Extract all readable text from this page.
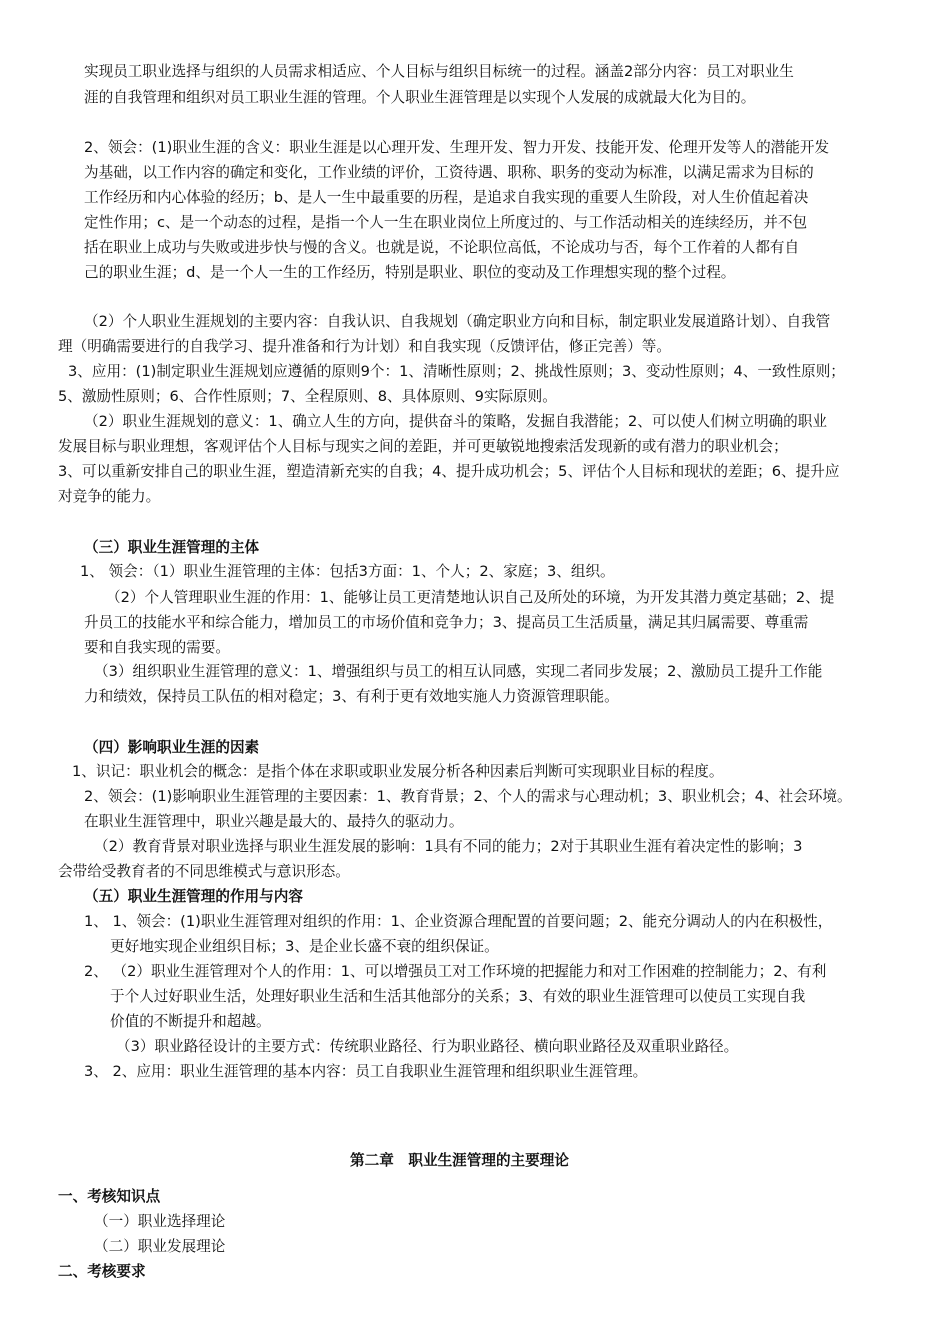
实现员工职业选择与组织的人员需求相适应、个人目标与组织目标统一的过程。涵盖2部分内容：员工对职业生
涯的自我管理和组织对员工职业生涯的管理。个人职业生涯管理是以实现个人发展的成就最大化为目的。
2、领会：(1)职业生涯的含义：职业生涯是以心理开发、生理开发、智力开发、技能开发、伦理开发等人的潜能开发
为基础，以工作内容的确定和变化，工作业绩的评价，工资待遇、职称、职务的变动为标准，以满足需求为目标的
工作经历和内心体验的经历；b、是人一生中最重要的历程，是追求自我实现的重要人生阶段，对人生价值起着决
定性作用；c、是一个动态的过程，是指一个人一生在职业岗位上所度过的、与工作活动相关的连续经历，并不包
括在职业上成功与失败或进步快与慢的含义。也就是说，不论职位高低，不论成功与否，每个工作着的人都有自
己的职业生涯；d、是一个人一生的工作经历，特别是职业、职位的变动及工作理想实现的整个过程。
（2）个人职业生涯规划的主要内容：自我认识、自我规划（确定职业方向和目标，制定职业发展道路计划）、自我管
理（明确需要进行的自我学习、提升准备和行为计划）和自我实现（反馈评估，修正完善）等。
3、应用：(1)制定职业生涯规划应遵循的原则9个：1、清晰性原则；2、挑战性原则；3、变动性原则；4、一致性原则；
5、激励性原则；6、合作性原则；7、全程原则、8、具体原则、9实际原则。
（2）职业生涯规划的意义：1、确立人生的方向，提供奋斗的策略，发掘自我潜能；2、可以使人们树立明确的职业
发展目标与职业理想，客观评估个人目标与现实之间的差距，并可更敏锐地搜索活发现新的或有潜力的职业机会；
3、可以重新安排自己的职业生涯，塑造清新充实的自我；4、提升成功机会；5、评估个人目标和现状的差距；6、提升应
对竞争的能力。
（三）职业生涯管理的主体
1、 领会：（1）职业生涯管理的主体：包括3方面：1、个人；2、家庭；3、组织。
（2）个人管理职业生涯的作用：1、能够让员工更清楚地认识自己及所处的环境，为开发其潜力奠定基础；2、提
升员工的技能水平和综合能力，增加员工的市场价值和竞争力；3、提高员工生活质量，满足其归属需要、尊重需
要和自我实现的需要。
（3）组织职业生涯管理的意义：1、增强组织与员工的相互认同感，实现二者同步发展；2、激励员工提升工作能
力和绩效，保持员工队伍的相对稳定；3、有利于更有效地实施人力资源管理职能。
（四）影响职业生涯的因素
1、识记：职业机会的概念：是指个体在求职或职业发展分析各种因素后判断可实现职业目标的程度。
2、领会：(1)影响职业生涯管理的主要因素：1、教育背景；2、个人的需求与心理动机；3、职业机会；4、社会环境。
在职业生涯管理中，职业兴趣是最大的、最持久的驱动力。
（2）教育背景对职业选择与职业生涯发展的影响：1具有不同的能力；2对于其职业生涯有着决定性的影响；3
会带给受教育者的不同思维模式与意识形态。
（五）职业生涯管理的作用与内容
1、 1、领会：(1)职业生涯管理对组织的作用：1、企业资源合理配置的首要问题；2、能充分调动人的内在积极性，
更好地实现企业组织目标；3、是企业长盛不衰的组织保证。
2、 （2）职业生涯管理对个人的作用：1、可以增强员工对工作环境的把握能力和对工作困难的控制能力；2、有利
于个人过好职业生活，处理好职业生活和生活其他部分的关系；3、有效的职业生涯管理可以使员工实现自我
价值的不断提升和超越。
（3）职业路径设计的主要方式：传统职业路径、行为职业路径、横向职业路径及双重职业路径。
3、 2、应用：职业生涯管理的基本内容：员工自我职业生涯管理和组织职业生涯管理。
第二章　职业生涯管理的主要理论
一、考核知识点
（一）职业选择理论
（二）职业发展理论
二、考核要求
